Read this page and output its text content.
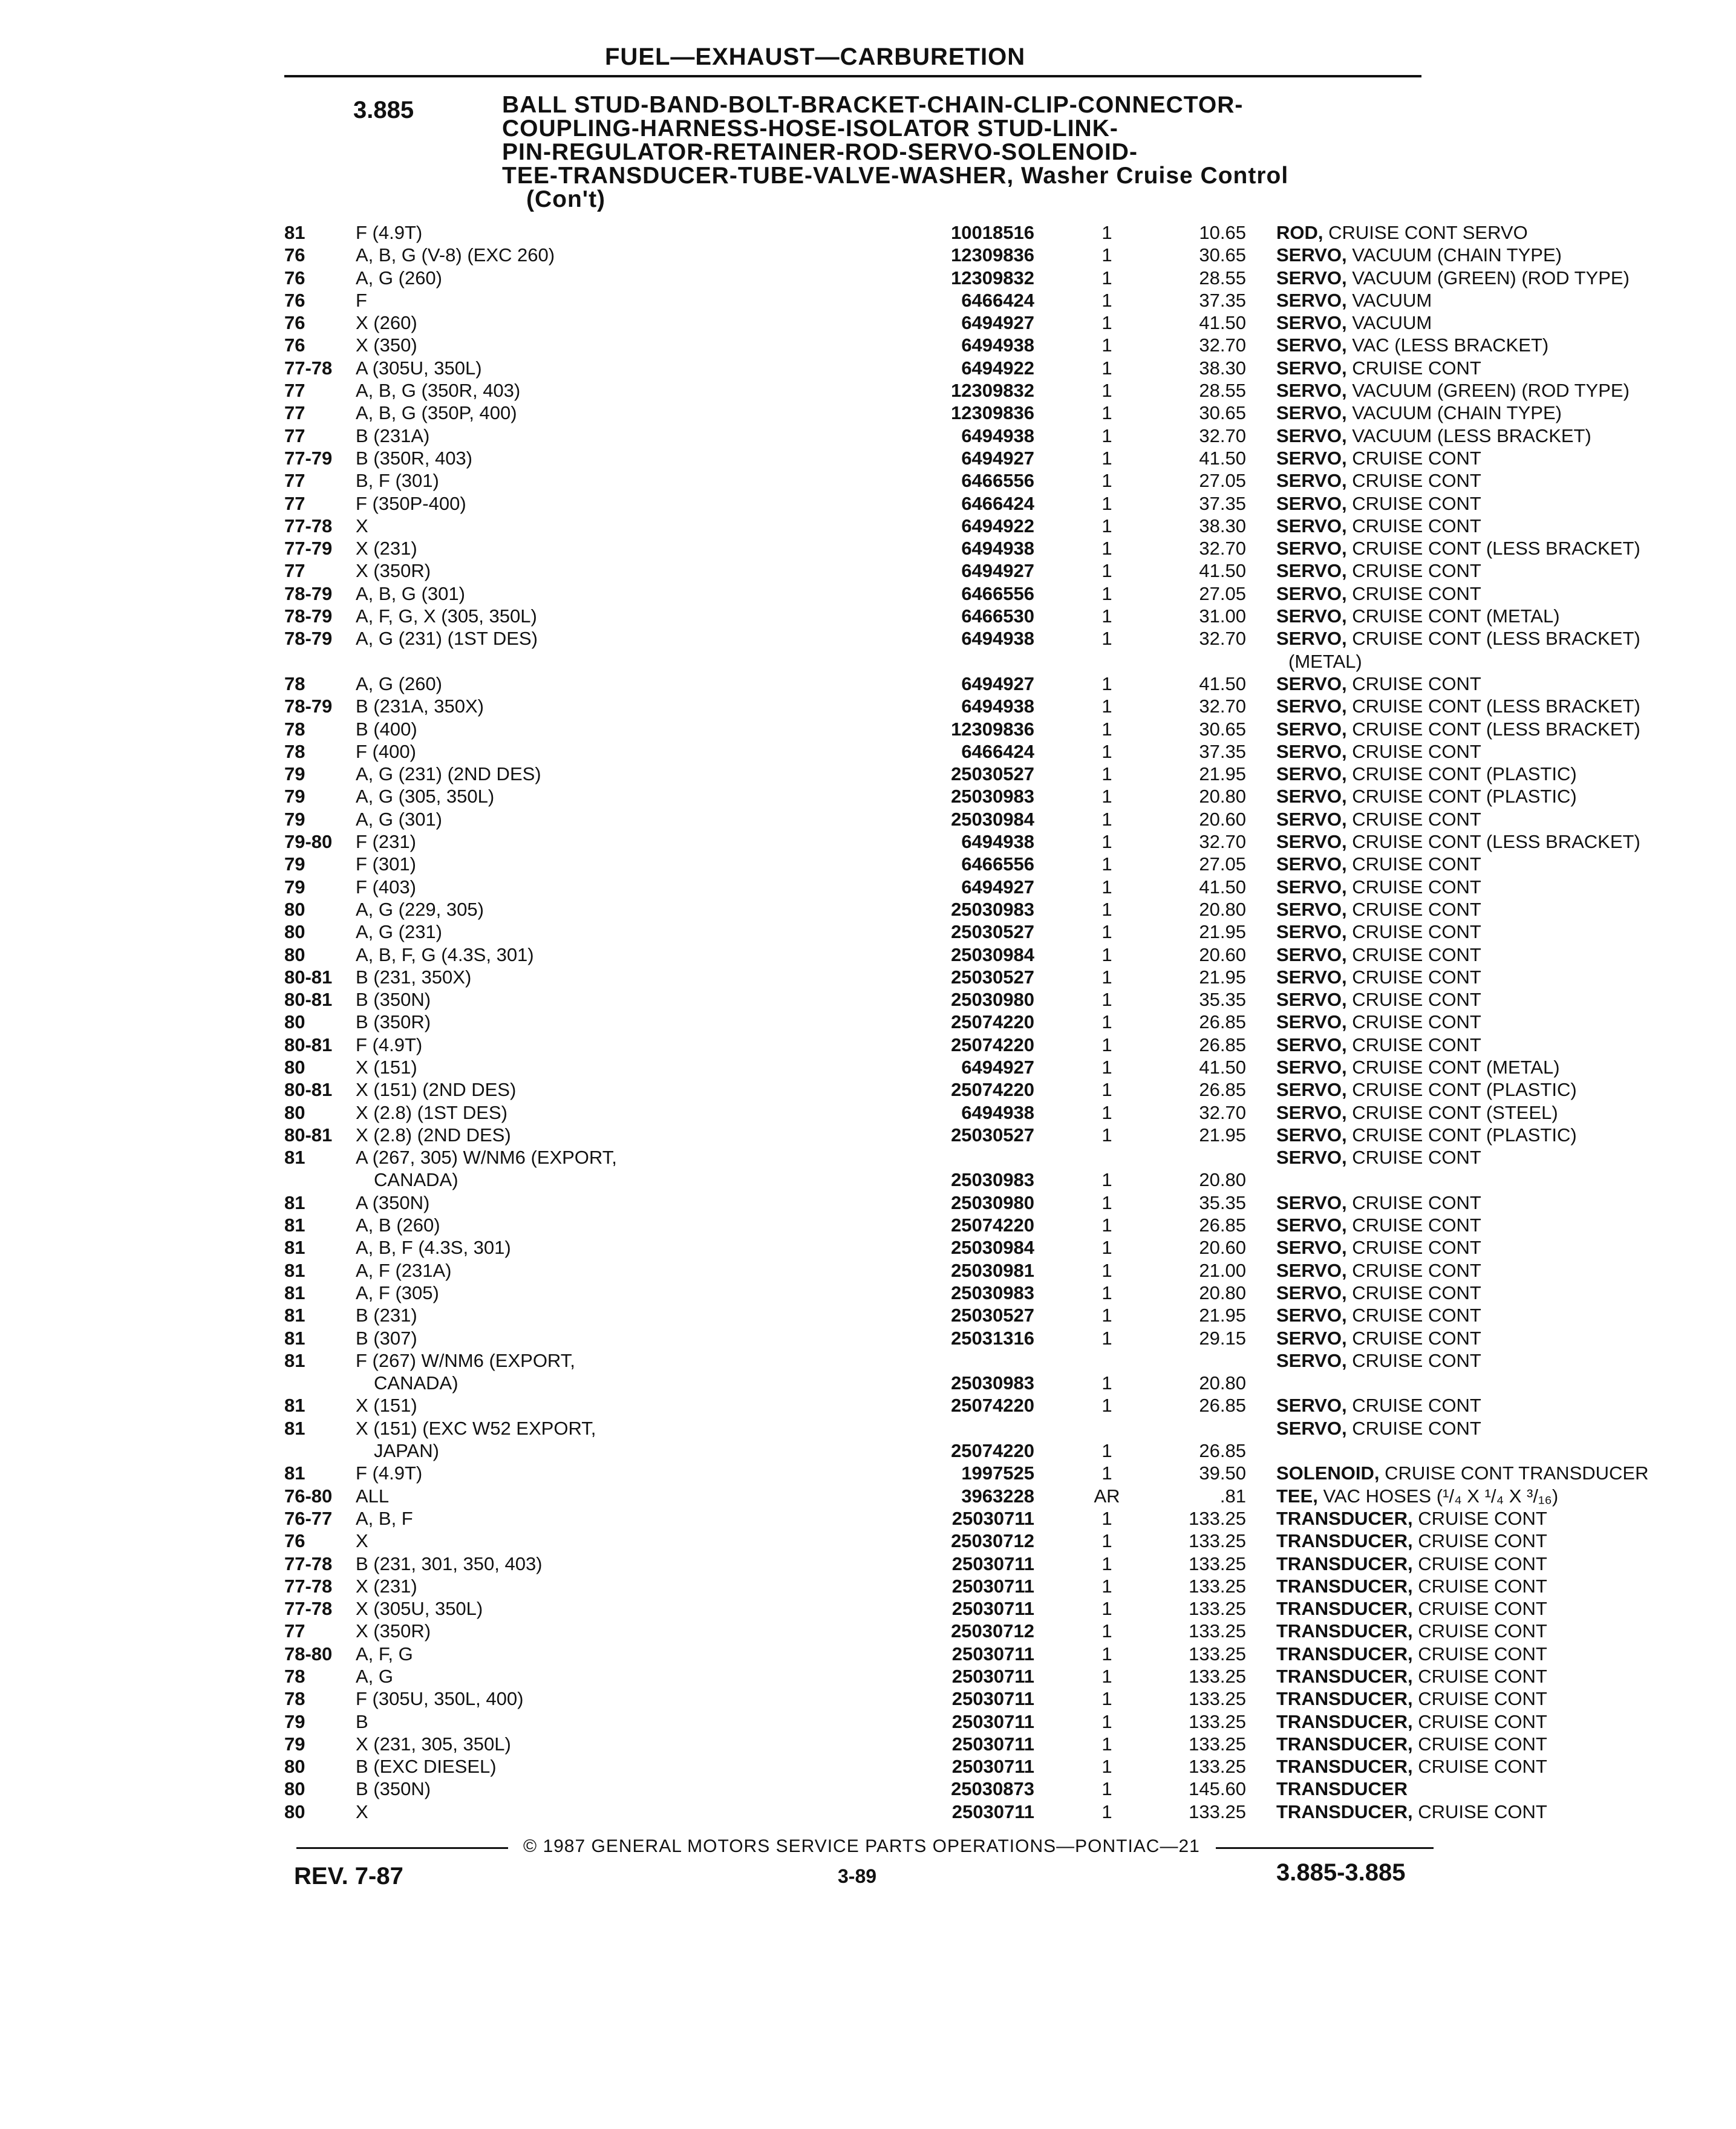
FUEL—EXHAUST—CARBURETION
3.885	BALL STUD-BAND-BOLT-BRACKET-CHAIN-CLIP-CONNECTOR-
COUPLING-HARNESS-HOSE-ISOLATOR STUD-LINK-
PIN-REGULATOR-RETAINER-ROD-SERVO-SOLENOID-
TEE-TRANSDUCER-TUBE-VALVE-WASHER, Washer Cruise Control
(Con't)
81	F (4.9T)	10018516	1	10.65 ROD, CRUISE CONT SERVO
76	A, B, G (V-8) (EXC 260)	12309836	1	30.65 SERVO, VACUUM (CHAIN TYPE)
76	A, G (260)	12309832	1	28.55 SERVO, VACUUM (GREEN) (ROD TYPE)
76	F	6466424	1	37.35 SERVO, VACUUM
76	X (260)	6494927	1	41.50 SERVO, VACUUM
76	X (350)	6494938	1	32.70 SERVO, VAC (LESS BRACKET)
77-78	A (305U, 350L)	6494922	1	38.30 SERVO, CRUISE CONT
77	A, B, G (350R, 403)	12309832	1	28.55 SERVO, VACUUM (GREEN) (ROD TYPE)
77	A, B, G (350P, 400)	12309836	1	30.65 SERVO, VACUUM (CHAIN TYPE)
77	B (231A)	6494938	1	32.70 SERVO, VACUUM (LESS BRACKET)
77-79	B (350R, 403)	6494927	1	41.50 SERVO, CRUISE CONT
77	B, F (301)	6466556	1	27.05 SERVO, CRUISE CONT
77	F (350P-400)	6466424	1	37.35 SERVO, CRUISE CONT
77-78	X	6494922	1	38.30 SERVO, CRUISE CONT
77-79	X (231)	6494938	1	32.70 SERVO, CRUISE CONT (LESS BRACKET)
77	X (350R)	6494927	1	41.50 SERVO, CRUISE CONT
78-79	A, B, G (301)	6466556	1	27.05 SERVO, CRUISE CONT
78-79	A, F, G, X (305, 350L)	6466530	1	31.00 SERVO, CRUISE CONT (METAL)
78-79	A, G (231) (1ST DES)	6494938	1	32.70 SERVO, CRUISE CONT (LESS BRACKET)
(METAL)
78	A, G (260)	6494927	1	41.50 SERVO, CRUISE CONT
78-79	B (231A, 350X)	6494938	1	32.70 SERVO, CRUISE CONT (LESS BRACKET)
78	B (400)	12309836	1	30.65 SERVO, CRUISE CONT (LESS BRACKET)
78	F (400)	6466424	1	37.35 SERVO, CRUISE CONT
79	A, G (231) (2ND DES)	25030527	1	21.95 SERVO, CRUISE CONT (PLASTIC)
79	A, G (305, 350L)	25030983	1	20.80 SERVO, CRUISE CONT (PLASTIC)
79	A, G (301)	25030984	1	20.60 SERVO, CRUISE CONT
79-80	F (231)	6494938	1	32.70 SERVO, CRUISE CONT (LESS BRACKET)
79	F (301)	6466556	1	27.05 SERVO, CRUISE CONT
79	F (403)	6494927	1	41.50 SERVO, CRUISE CONT
80	A, G (229, 305)	25030983	1	20.80 SERVO, CRUISE CONT
80	A, G (231)	25030527	1	21.95 SERVO, CRUISE CONT
80	A, B, F, G (4.3S, 301)	25030984	1	20.60 SERVO, CRUISE CONT
80-81	B (231, 350X)	25030527	1	21.95 SERVO, CRUISE CONT
80-81	B (350N)	25030980	1	35.35 SERVO, CRUISE CONT
80	B (350R)	25074220	1	26.85 SERVO, CRUISE CONT
80-81	F (4.9T)	25074220	1	26.85 SERVO, CRUISE CONT
80	X (151)	6494927	1	41.50 SERVO, CRUISE CONT (METAL)
80-81	X (151) (2ND DES)	25074220	1	26.85 SERVO, CRUISE CONT (PLASTIC)
80	X (2.8) (1ST DES)	6494938	1	32.70 SERVO, CRUISE CONT (STEEL)
80-81	X (2.8) (2ND DES)	25030527	1	21.95 SERVO, CRUISE CONT (PLASTIC)
81	A (267, 305) W/NM6 (EXPORT,
CANADA)	25030983	1	20.80
SERVO, CRUISE CONT
81	A (350N)	25030980	1	35.35 SERVO, CRUISE CONT
81	A, B (260)	25074220	1	26.85 SERVO, CRUISE CONT
81	A, B, F (4.3S, 301)	25030984	1	20.60 SERVO, CRUISE CONT
81	A, F (231A)	25030981	1	21.00 SERVO, CRUISE CONT
81	A, F (305)	25030983	1	20.80 SERVO, CRUISE CONT
81	B (231)	25030527	1	21.95 SERVO, CRUISE CONT
81	B (307)	25031316	1	29.15 SERVO, CRUISE CONT
81	F (267) W/NM6 (EXPORT,
CANADA)	25030983	1	20.80
SERVO, CRUISE CONT
81	X (151)	25074220	1	26.85 SERVO, CRUISE CONT
81	X (151) (EXC W52 EXPORT,
JAPAN)	25074220	1	26.85
SERVO, CRUISE CONT
81	F (4.9T)	1997525	1	39.50 SOLENOID, CRUISE CONT TRANSDUCER
76-80	ALL	3963228	AR	.81 TEE, VAC HOSES (¹/₄ X ¹/₄ X ³/₁₆)
76-77	A, B, F	25030711	1	133.25 TRANSDUCER, CRUISE CONT
76	X	25030712	1	133.25 TRANSDUCER, CRUISE CONT
77-78	B (231, 301, 350, 403)	25030711	1	133.25 TRANSDUCER, CRUISE CONT
77-78	X (231)	25030711	1	133.25 TRANSDUCER, CRUISE CONT
77-78	X (305U, 350L)	25030711	1	133.25 TRANSDUCER, CRUISE CONT
77	X (350R)	25030712	1	133.25 TRANSDUCER, CRUISE CONT
78-80	A, F, G	25030711	1	133.25 TRANSDUCER, CRUISE CONT
78	A, G	25030711	1	133.25 TRANSDUCER, CRUISE CONT
78	F (305U, 350L, 400)	25030711	1	133.25 TRANSDUCER, CRUISE CONT
79	B	25030711	1	133.25 TRANSDUCER, CRUISE CONT
79	X (231, 305, 350L)	25030711	1	133.25 TRANSDUCER, CRUISE CONT
80	B (EXC DIESEL)	25030711	1	133.25 TRANSDUCER, CRUISE CONT
80	B (350N)	25030873	1	145.60 TRANSDUCER
80	X	25030711	1	133.25 TRANSDUCER, CRUISE CONT
© 1987 GENERAL MOTORS SERVICE PARTS OPERATIONS—PONTIAC—21
REV. 7-87	3-89	3.885-3.885
